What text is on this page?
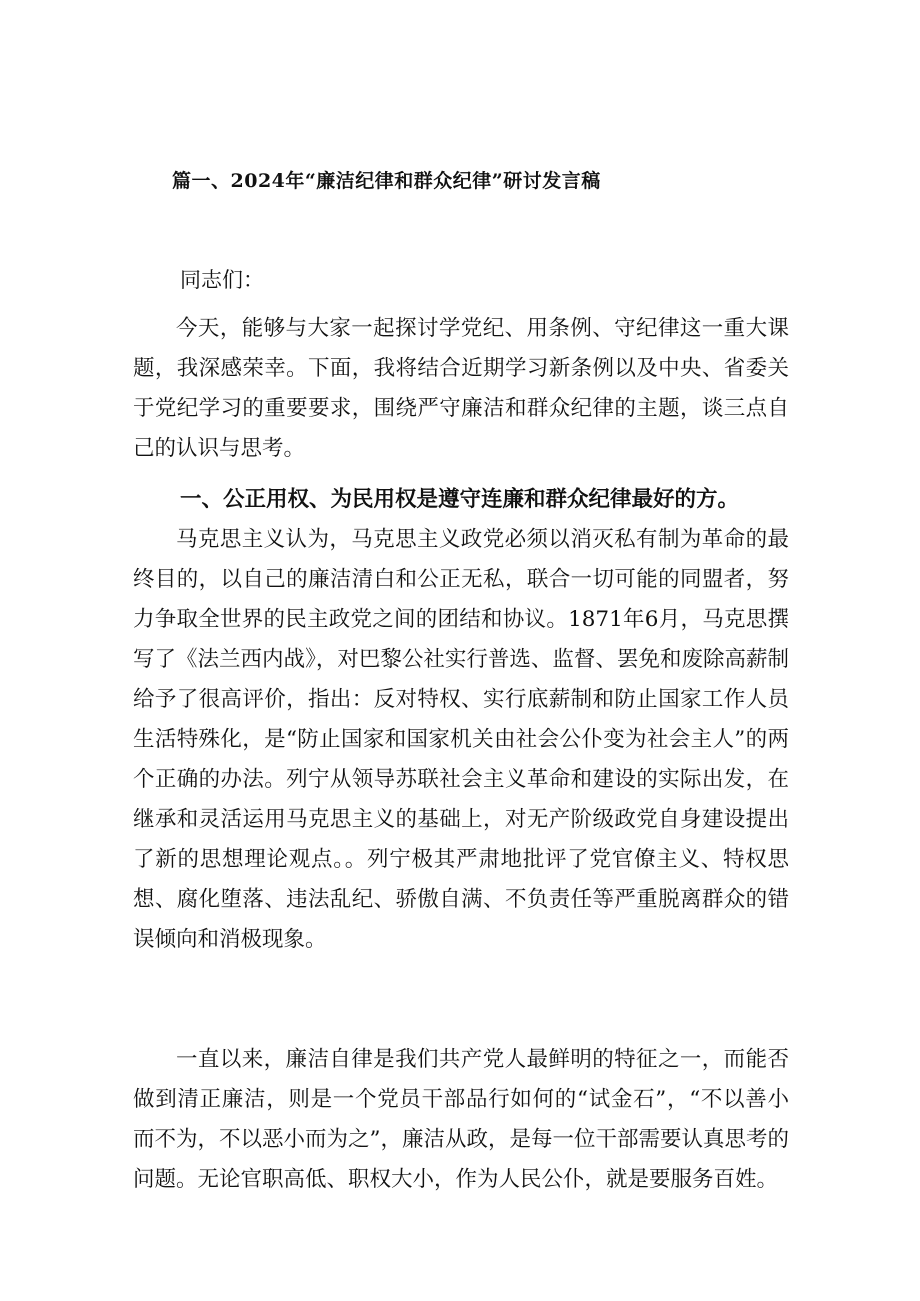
篇一、2024年“廉洁纪律和群众纪律”研讨发言稿
同志们：

今天，能够与大家一起探讨学党纪、用条例、守纪律这一重大课题，我深感荣幸。下面，我将结合近期学习新条例以及中央、省委关于党纪学习的重要要求，围绕严守廉洁和群众纪律的主题，谈三点自己的认识与思考。

一、公正用权、为民用权是遵守连廉和群众纪律最好的方。

马克思主义认为，马克思主义政党必须以消灭私有制为革命的最终目的，以自己的廉洁清白和公正无私，联合一切可能的同盟者，努力争取全世界的民主政党之间的团结和协议。1871年6月，马克思撰写了《法兰西内战》，对巴黎公社实行普选、监督、罢免和废除高薪制给予了很高评价，指出：反对特权、实行底薪制和防止国家工作人员生活特殊化，是“防止国家和国家机关由社会公仆变为社会主人”的两个正确的办法。列宁从领导苏联社会主义革命和建设的实际出发，在继承和灵活运用马克思主义的基础上，对无产阶级政党自身建设提出了新的思想理论观点。。列宁极其严肃地批评了党官僚主义、特权思想、腐化堕落、违法乱纪、骄傲自满、不负责任等严重脱离群众的错误倾向和消极现象。

一直以来，廉洁自律是我们共产党人最鲜明的特征之一，而能否做到清正廉洁，则是一个党员干部品行如何的“试金石”，“不以善小而不为，不以恶小而为之”，廉洁从政，是每一位干部需要认真思考的问题。无论官职高低、职权大小，作为人民公仆，就是要服务百姓。
